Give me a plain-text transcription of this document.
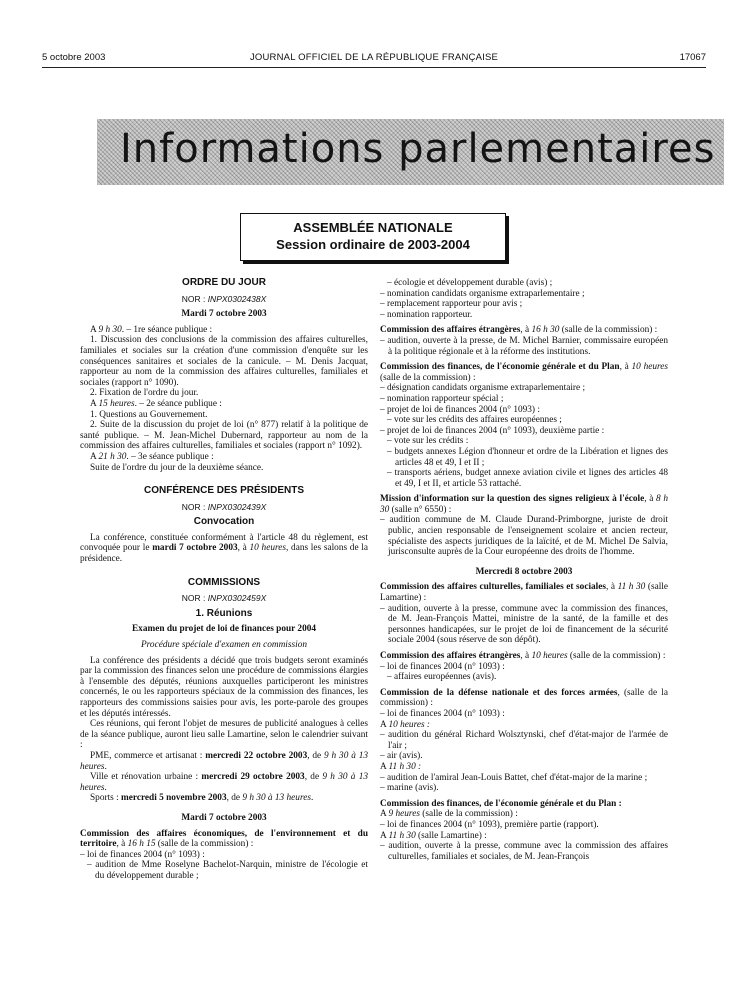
5 octobre 2003	JOURNAL OFFICIEL DE LA RÉPUBLIQUE FRANÇAISE	17067
Informations parlementaires
ASSEMBLÉE NATIONALE
Session ordinaire de 2003-2004
ORDRE DU JOUR
NOR : INPX0302438X
Mardi 7 octobre 2003

A 9 h 30. – 1re séance publique :

1. Discussion des conclusions de la commission des affaires culturelles, familiales et sociales sur la création d'une commission d'enquête sur les conséquences sanitaires et sociales de la canicule. – M. Denis Jacquat, rapporteur au nom de la commission des affaires culturelles, familiales et sociales (rapport n° 1090).

2. Fixation de l'ordre du jour.

A 15 heures. – 2e séance publique :

1. Questions au Gouvernement.

2. Suite de la discussion du projet de loi (n° 877) relatif à la politique de santé publique. – M. Jean-Michel Dubernard, rapporteur au nom de la commission des affaires culturelles, familiales et sociales (rapport n° 1092).

A 21 h 30. – 3e séance publique :

Suite de l'ordre du jour de la deuxième séance.

CONFÉRENCE DES PRÉSIDENTS
NOR : INPX0302439X
Convocation

La conférence, constituée conformément à l'article 48 du règlement, est convoquée pour le mardi 7 octobre 2003, à 10 heures, dans les salons de la présidence.

COMMISSIONS
NOR : INPX0302459X
1. Réunions
Examen du projet de loi de finances pour 2004
Procédure spéciale d'examen en commission

La conférence des présidents a décidé que trois budgets seront examinés par la commission des finances selon une procédure de commissions élargies à l'ensemble des députés, réunions auxquelles participeront les ministres concernés, le ou les rapporteurs spéciaux de la commission des finances, les rapporteurs des commissions saisies pour avis, les porte-parole des groupes et les députés intéressés.

Ces réunions, qui feront l'objet de mesures de publicité analogues à celles de la séance publique, auront lieu salle Lamartine, selon le calendrier suivant :

PME, commerce et artisanat : mercredi 22 octobre 2003, de 9 h 30 à 13 heures.

Ville et rénovation urbaine : mercredi 29 octobre 2003, de 9 h 30 à 13 heures.

Sports : mercredi 5 novembre 2003, de 9 h 30 à 13 heures.

Mardi 7 octobre 2003

Commission des affaires économiques, de l'environnement et du territoire, à 16 h 15 (salle de la commission) :

– loi de finances 2004 (n° 1093) :

– audition de Mme Roselyne Bachelot-Narquin, ministre de l'écologie et du développement durable ;

– écologie et développement durable (avis) ;

– nomination candidats organisme extraparlementaire ;

– remplacement rapporteur pour avis ;

– nomination rapporteur.

Commission des affaires étrangères, à 16 h 30 (salle de la commission) :

– audition, ouverte à la presse, de M. Michel Barnier, commissaire européen à la politique régionale et à la réforme des institutions.

Commission des finances, de l'économie générale et du Plan, à 10 heures (salle de la commission) :

– désignation candidats organisme extraparlementaire ;

– nomination rapporteur spécial ;

– projet de loi de finances 2004 (n° 1093) :

– vote sur les crédits des affaires européennes ;

– projet de loi de finances 2004 (n° 1093), deuxième partie :

– vote sur les crédits :

– budgets annexes Légion d'honneur et ordre de la Libération et lignes des articles 48 et 49, I et II ;

– transports aériens, budget annexe aviation civile et lignes des articles 48 et 49, I et II, et article 53 rattaché.

Mission d'information sur la question des signes religieux à l'école, à 8 h 30 (salle n° 6550) :

– audition commune de M. Claude Durand-Primborgne, juriste de droit public, ancien responsable de l'enseignement scolaire et ancien recteur, spécialiste des aspects juridiques de la laïcité, et de M. Michel De Salvia, jurisconsulte auprès de la Cour européenne des droits de l'homme.

Mercredi 8 octobre 2003

Commission des affaires culturelles, familiales et sociales, à 11 h 30 (salle Lamartine) :

– audition, ouverte à la presse, commune avec la commission des finances, de M. Jean-François Mattei, ministre de la santé, de la famille et des personnes handicapées, sur le projet de loi de financement de la sécurité sociale 2004 (sous réserve de son dépôt).

Commission des affaires étrangères, à 10 heures (salle de la commission) :

– loi de finances 2004 (n° 1093) :

– affaires européennes (avis).

Commission de la défense nationale et des forces armées, (salle de la commission) :

– loi de finances 2004 (n° 1093) :

A 10 heures :

– audition du général Richard Wolsztynski, chef d'état-major de l'armée de l'air ;

– air (avis).

A 11 h 30 :

– audition de l'amiral Jean-Louis Battet, chef d'état-major de la marine ;

– marine (avis).

Commission des finances, de l'économie générale et du Plan :

A 9 heures (salle de la commission) :

– loi de finances 2004 (n° 1093), première partie (rapport).

A 11 h 30 (salle Lamartine) :

– audition, ouverte à la presse, commune avec la commission des affaires culturelles, familiales et sociales, de M. Jean-François
